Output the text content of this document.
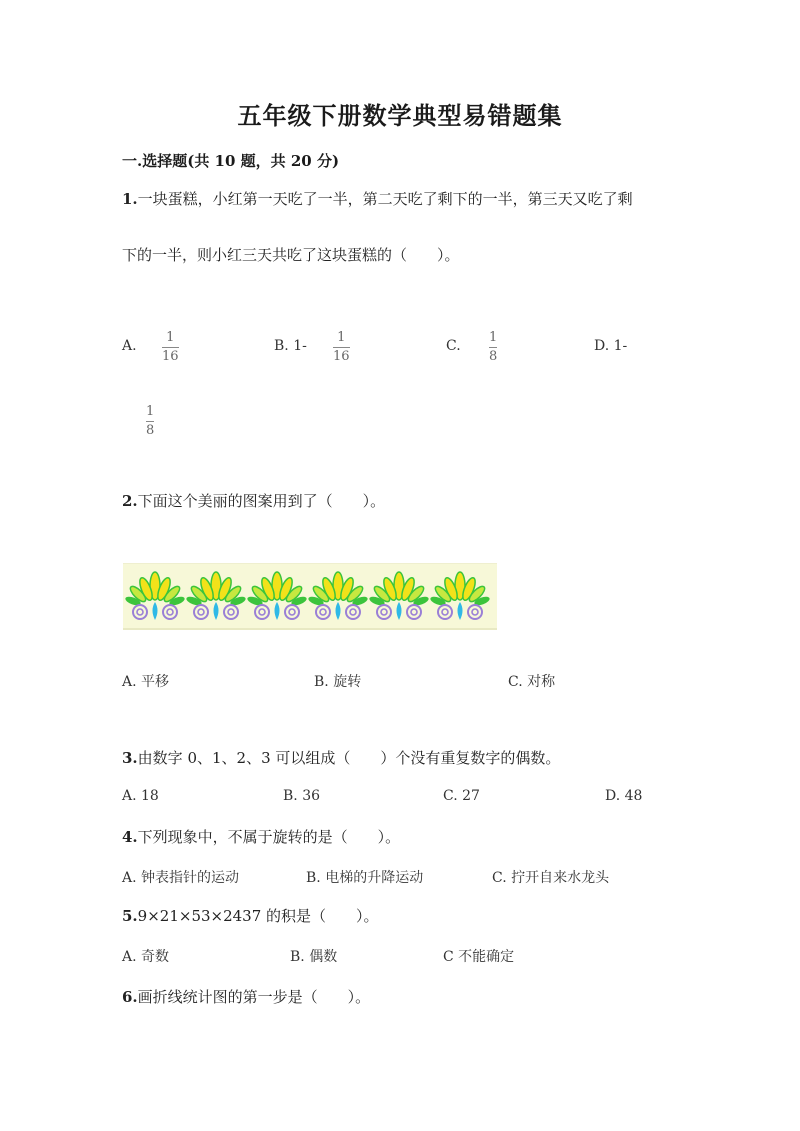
五年级下册数学典型易错题集
一.选择题(共 10 题，共 20 分)
1.一块蛋糕，小红第一天吃了一半，第二天吃了剩下的一半，第三天又吃了剩
下的一半，则小红三天共吃了这块蛋糕的（　　）。
A.
1
16
B. 1-
1
16
C.
1
8
D. 1-
1
8
2.下面这个美丽的图案用到了（　　）。
A. 平移	B. 旋转	C. 对称
3.由数字 0、1、2、3 可以组成（　　）个没有重复数字的偶数。
A. 18	B. 36	C. 27	D. 48
4.下列现象中，不属于旋转的是（　　）。
A. 钟表指针的运动	B. 电梯的升降运动	C. 拧开自来水龙头
5.9×21×53×2437 的积是（　　）。
A. 奇数	B. 偶数	C 不能确定
6.画折线统计图的第一步是（　　）。
